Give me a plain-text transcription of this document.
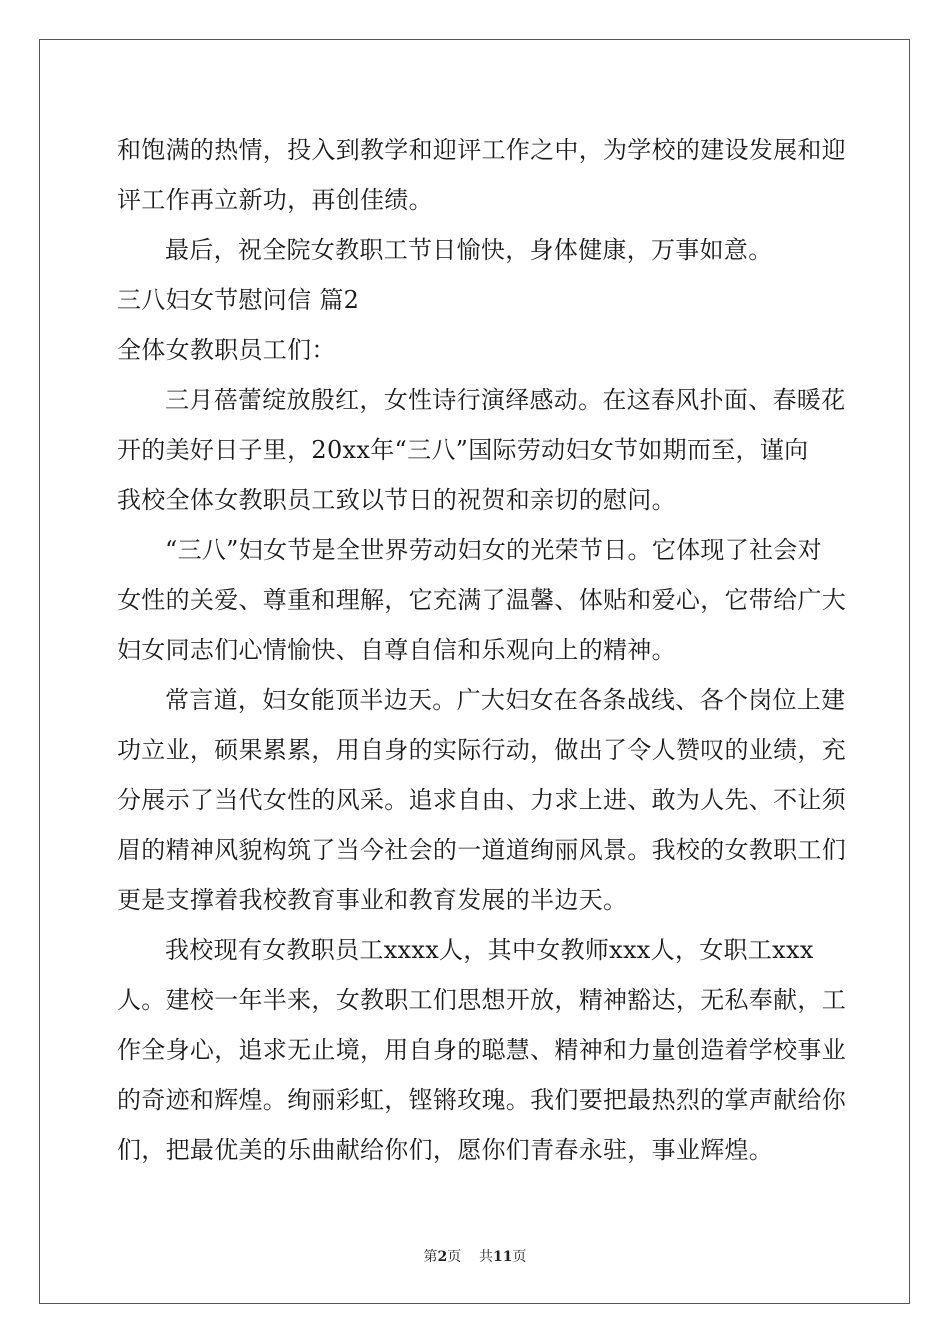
和饱满的热情，投入到教学和迎评工作之中，为学校的建设发展和迎
评工作再立新功，再创佳绩。
最后，祝全院女教职工节日愉快，身体健康，万事如意。
三八妇女节慰问信 篇2
全体女教职员工们：
三月蓓蕾绽放殷红，女性诗行演绎感动。在这春风扑面、春暖花
开的美好日子里，20xx年“三八”国际劳动妇女节如期而至，谨向
我校全体女教职员工致以节日的祝贺和亲切的慰问。
“三八”妇女节是全世界劳动妇女的光荣节日。它体现了社会对
女性的关爱、尊重和理解，它充满了温馨、体贴和爱心，它带给广大
妇女同志们心情愉快、自尊自信和乐观向上的精神。
常言道，妇女能顶半边天。广大妇女在各条战线、各个岗位上建
功立业，硕果累累，用自身的实际行动，做出了令人赞叹的业绩，充
分展示了当代女性的风采。追求自由、力求上进、敢为人先、不让须
眉的精神风貌构筑了当今社会的一道道绚丽风景。我校的女教职工们
更是支撑着我校教育事业和教育发展的半边天。
我校现有女教职员工xxxx人，其中女教师xxx人，女职工xxx
人。建校一年半来，女教职工们思想开放，精神豁达，无私奉献，工
作全身心，追求无止境，用自身的聪慧、精神和力量创造着学校事业
的奇迹和辉煌。绚丽彩虹，铿锵玫瑰。我们要把最热烈的掌声献给你
们，把最优美的乐曲献给你们，愿你们青春永驻，事业辉煌。
第2页 共11页
